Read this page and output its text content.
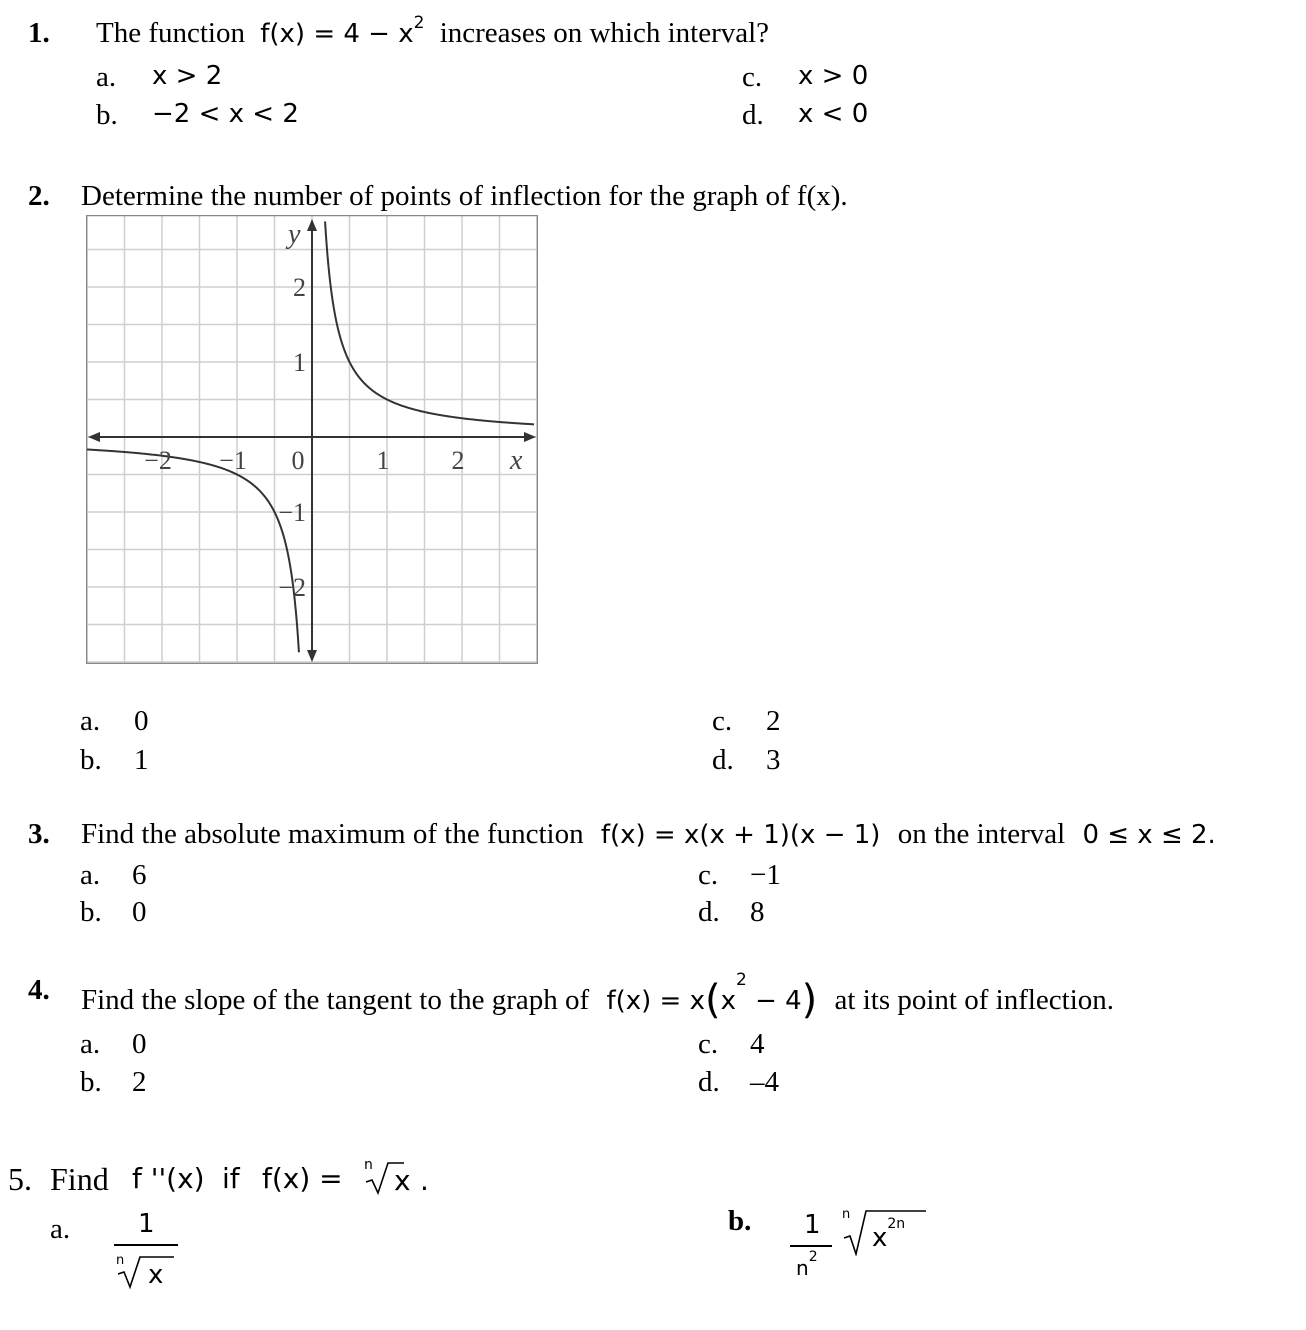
1. The function $f(x) = 4 - x^2$ increases on which interval?
a. x > 2
b. −2 < x < 2
c. x > 0
d. x < 0
2. Determine the number of points of inflection for the graph of f(x).
−2 −1 0	1 2
2
1
−1
−2
y
x
a. 0
b. 1
c. 2
d. 3
3. Find the absolute maximum of the function f(x) = x(x + 1)(x − 1) on the interval 0 ≤ x ≤ 2.
a. 6
b. 0
c. −1
d. 8
4. Find the slope of the tangent to the graph of $f(x) = x(x^2 - 4)$ at its point of inflection.
a. 0
b. 2
c. 4
d. –4
5. Find f ''(x) if f(x) = n x .
a.	1
n x
b. 1
$n^2$
n
$x^{2n}$
